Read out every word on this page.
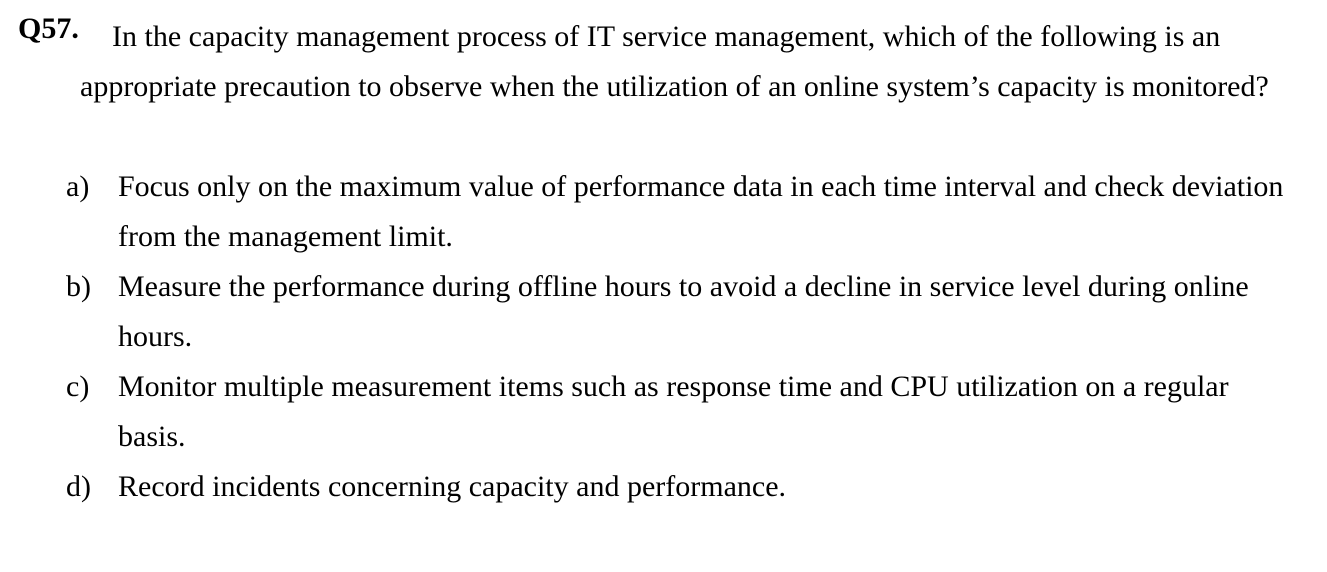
Q57.	In the capacity management process of IT service management, which of the following is an appropriate precaution to observe when the utilization of an online system’s capacity is monitored?

a) Focus only on the maximum value of performance data in each time interval and check deviation from the management limit.
b) Measure the performance during offline hours to avoid a decline in service level during online hours.
c) Monitor multiple measurement items such as response time and CPU utilization on a regular basis.
d) Record incidents concerning capacity and performance.
